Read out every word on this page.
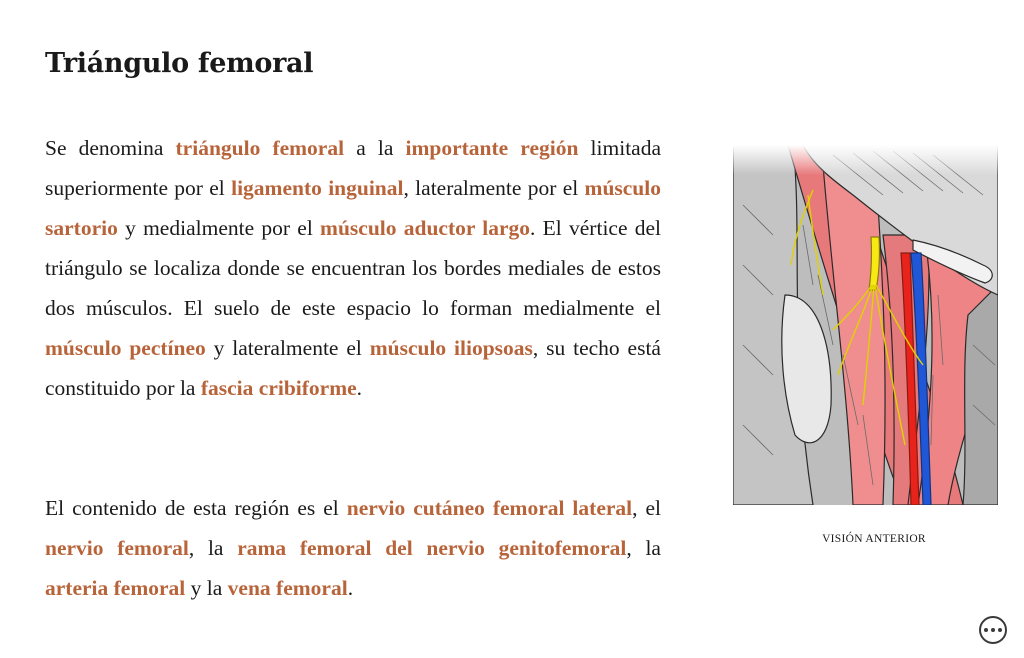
Triángulo femoral

Se denomina triángulo femoral a la importante región limitada superiormente por el ligamento inguinal, lateralmente por el músculo sartorio y medialmente por el músculo aductor largo. El vértice del triángulo se localiza donde se encuentran los bordes mediales de estos dos músculos. El suelo de este espacio lo forman medialmente el músculo pectíneo y lateralmente el músculo iliopsoas, su techo está constituido por la fascia cribiforme.

El contenido de esta región es el nervio cutáneo femoral lateral, el nervio femoral, la rama femoral del nervio genitofemoral, la arteria femoral y la vena femoral.

VISIÓN ANTERIOR
